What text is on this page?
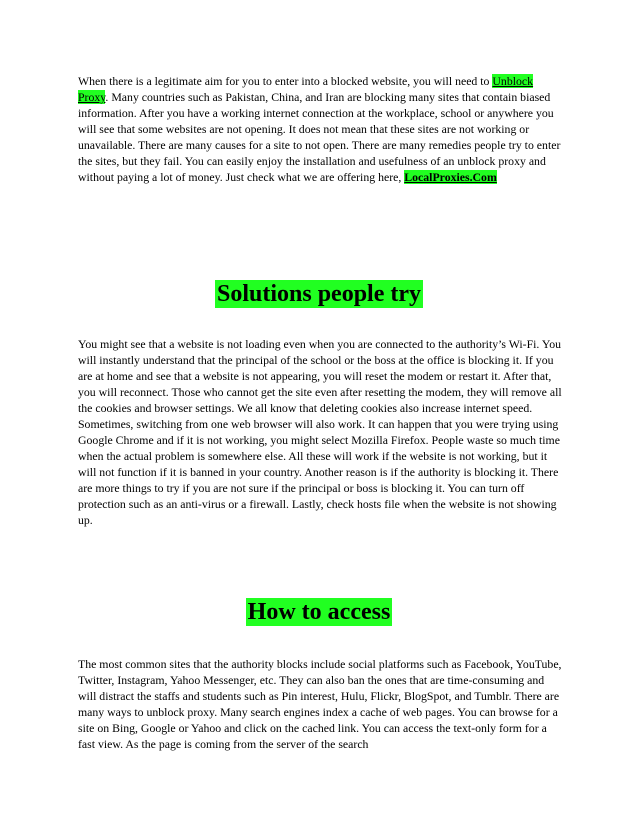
When there is a legitimate aim for you to enter into a blocked website, you will need to Unblock Proxy. Many countries such as Pakistan, China, and Iran are blocking many sites that contain biased information. After you have a working internet connection at the workplace, school or anywhere you will see that some websites are not opening. It does not mean that these sites are not working or unavailable. There are many causes for a site to not open. There are many remedies people try to enter the sites, but they fail. You can easily enjoy the installation and usefulness of an unblock proxy and without paying a lot of money. Just check what we are offering here, LocalProxies.Com

Solutions people try

You might see that a website is not loading even when you are connected to the authority’s Wi-Fi. You will instantly understand that the principal of the school or the boss at the office is blocking it. If you are at home and see that a website is not appearing, you will reset the modem or restart it. After that, you will reconnect. Those who cannot get the site even after resetting the modem, they will remove all the cookies and browser settings. We all know that deleting cookies also increase internet speed. Sometimes, switching from one web browser will also work. It can happen that you were trying using Google Chrome and if it is not working, you might select Mozilla Firefox. People waste so much time when the actual problem is somewhere else. All these will work if the website is not working, but it will not function if it is banned in your country. Another reason is if the authority is blocking it. There are more things to try if you are not sure if the principal or boss is blocking it. You can turn off protection such as an anti-virus or a firewall. Lastly, check hosts file when the website is not showing up.

How to access

The most common sites that the authority blocks include social platforms such as Facebook, YouTube, Twitter, Instagram, Yahoo Messenger, etc. They can also ban the ones that are time-consuming and will distract the staffs and students such as Pin interest, Hulu, Flickr, BlogSpot, and Tumblr. There are many ways to unblock proxy. Many search engines index a cache of web pages. You can browse for a site on Bing, Google or Yahoo and click on the cached link. You can access the text-only form for a fast view. As the page is coming from the server of the search
